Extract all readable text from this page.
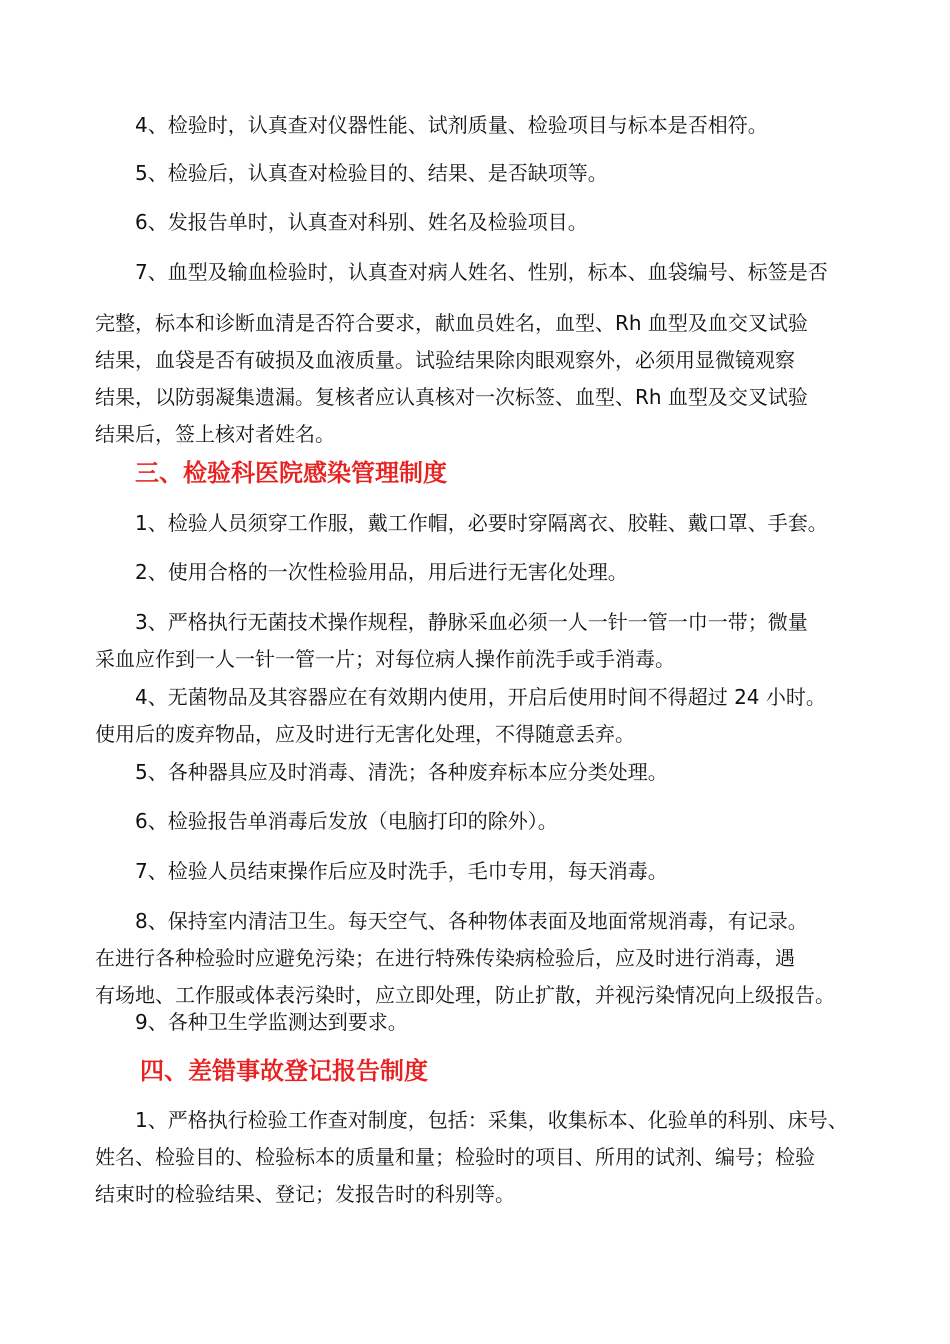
4、检验时，认真查对仪器性能、试剂质量、检验项目与标本是否相符。

5、检验后，认真查对检验目的、结果、是否缺项等。

6、发报告单时，认真查对科别、姓名及检验项目。

7、血型及输血检验时，认真查对病人姓名、性别，标本、血袋编号、标签是否

完整，标本和诊断血清是否符合要求，献血员姓名，血型、Rh 血型及血交叉试验
结果，血袋是否有破损及血液质量。试验结果除肉眼观察外，必须用显微镜观察
结果，以防弱凝集遗漏。复核者应认真核对一次标签、血型、Rh 血型及交叉试验
结果后，签上核对者姓名。

三、检验科医院感染管理制度

1、检验人员须穿工作服，戴工作帽，必要时穿隔离衣、胶鞋、戴口罩、手套。

2、使用合格的一次性检验用品，用后进行无害化处理。

3、严格执行无菌技术操作规程，静脉采血必须一人一针一管一巾一带；微量
采血应作到一人一针一管一片；对每位病人操作前洗手或手消毒。

4、无菌物品及其容器应在有效期内使用，开启后使用时间不得超过 24 小时。
使用后的废弃物品，应及时进行无害化处理，不得随意丢弃。

5、各种器具应及时消毒、清洗；各种废弃标本应分类处理。

6、检验报告单消毒后发放（电脑打印的除外）。

7、检验人员结束操作后应及时洗手，毛巾专用，每天消毒。

8、保持室内清洁卫生。每天空气、各种物体表面及地面常规消毒，有记录。
在进行各种检验时应避免污染；在进行特殊传染病检验后，应及时进行消毒，遇
有场地、工作服或体表污染时，应立即处理，防止扩散，并视污染情况向上级报告。

9、各种卫生学监测达到要求。

四、差错事故登记报告制度

1、严格执行检验工作查对制度，包括：采集，收集标本、化验单的科别、床号、
姓名、检验目的、检验标本的质量和量；检验时的项目、所用的试剂、编号；检验
结束时的检验结果、登记；发报告时的科别等。
